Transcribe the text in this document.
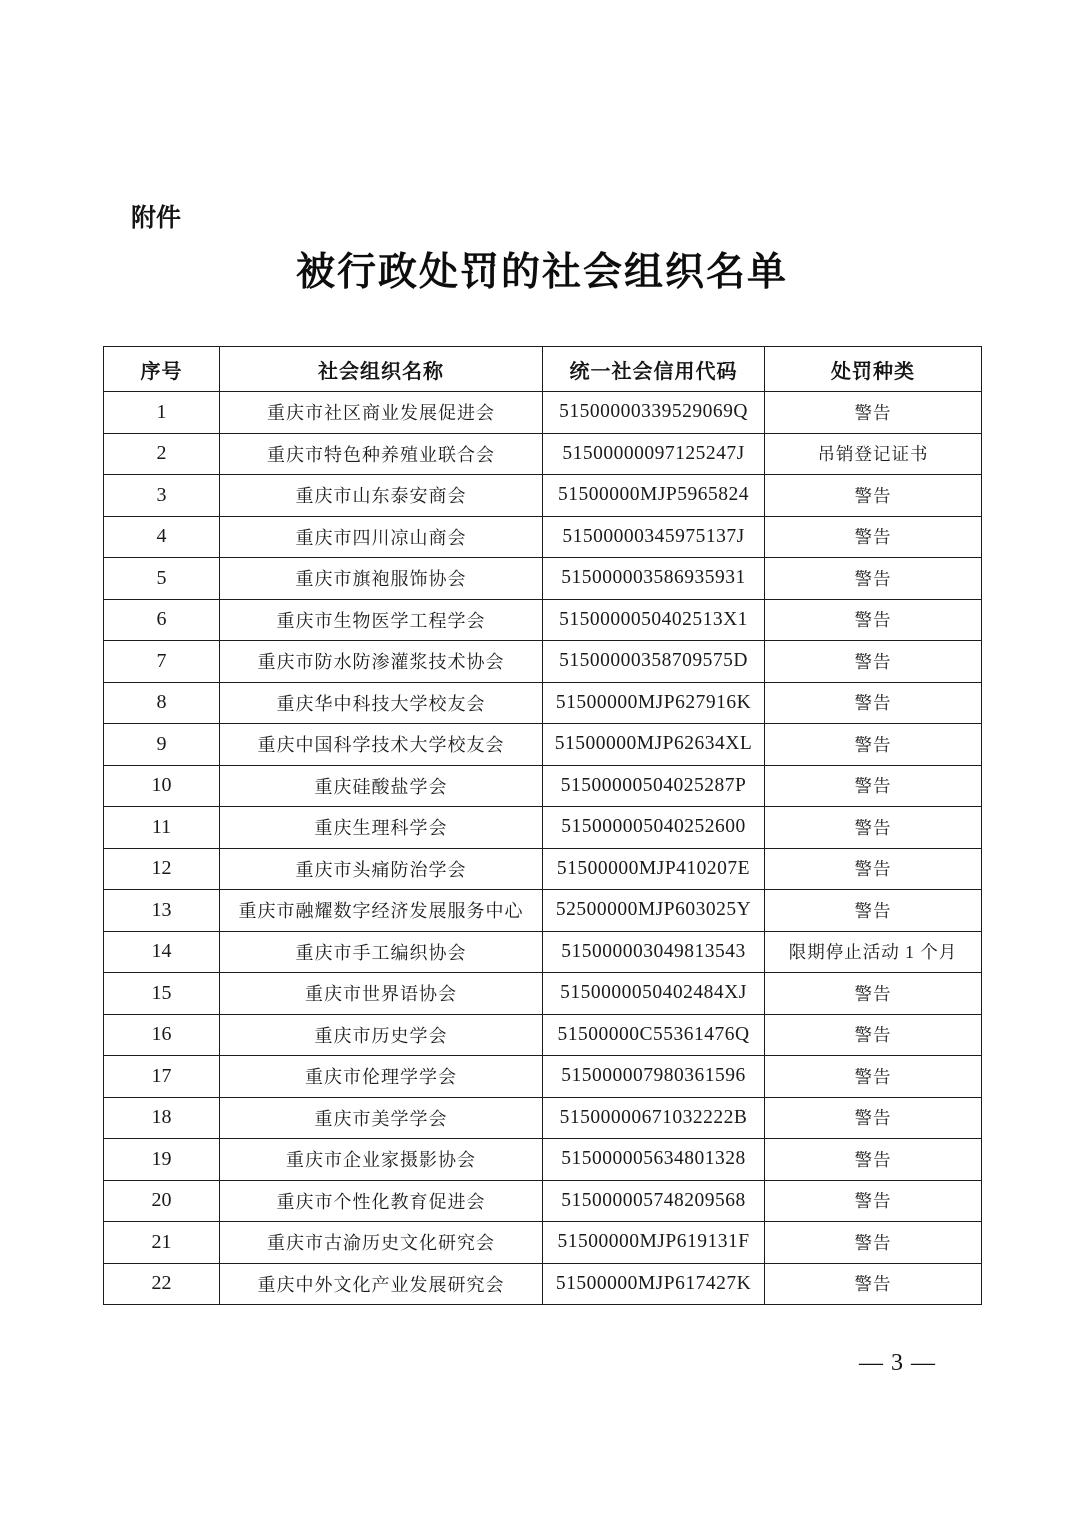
附件
被行政处罚的社会组织名单
序号	社会组织名称	统一社会信用代码	处罚种类
1	重庆市社区商业发展促进会	51500000339529069Q	警告
2	重庆市特色种养殖业联合会	51500000097125247J	吊销登记证书
3	重庆市山东泰安商会	51500000MJP5965824	警告
4	重庆市四川凉山商会	51500000345975137J	警告
5	重庆市旗袍服饰协会	515000003586935931	警告
6	重庆市生物医学工程学会	5150000050402513X1	警告
7	重庆市防水防渗灌浆技术协会	51500000358709575D	警告
8	重庆华中科技大学校友会	51500000MJP627916K	警告
9	重庆中国科学技术大学校友会	51500000MJP62634XL	警告
10	重庆硅酸盐学会	51500000504025287P	警告
11	重庆生理科学会	515000005040252600	警告
12	重庆市头痛防治学会	51500000MJP410207E	警告
13	重庆市融耀数字经济发展服务中心	52500000MJP603025Y	警告
14	重庆市手工编织协会	515000003049813543	限期停止活动 1 个月
15	重庆市世界语协会	5150000050402484XJ	警告
16	重庆市历史学会	51500000C55361476Q	警告
17	重庆市伦理学学会	515000007980361596	警告
18	重庆市美学学会	51500000671032222B	警告
19	重庆市企业家摄影协会	515000005634801328	警告
20	重庆市个性化教育促进会	515000005748209568	警告
21	重庆市古渝历史文化研究会	51500000MJP619131F	警告
22	重庆中外文化产业发展研究会	51500000MJP617427K	警告
— 3 —
